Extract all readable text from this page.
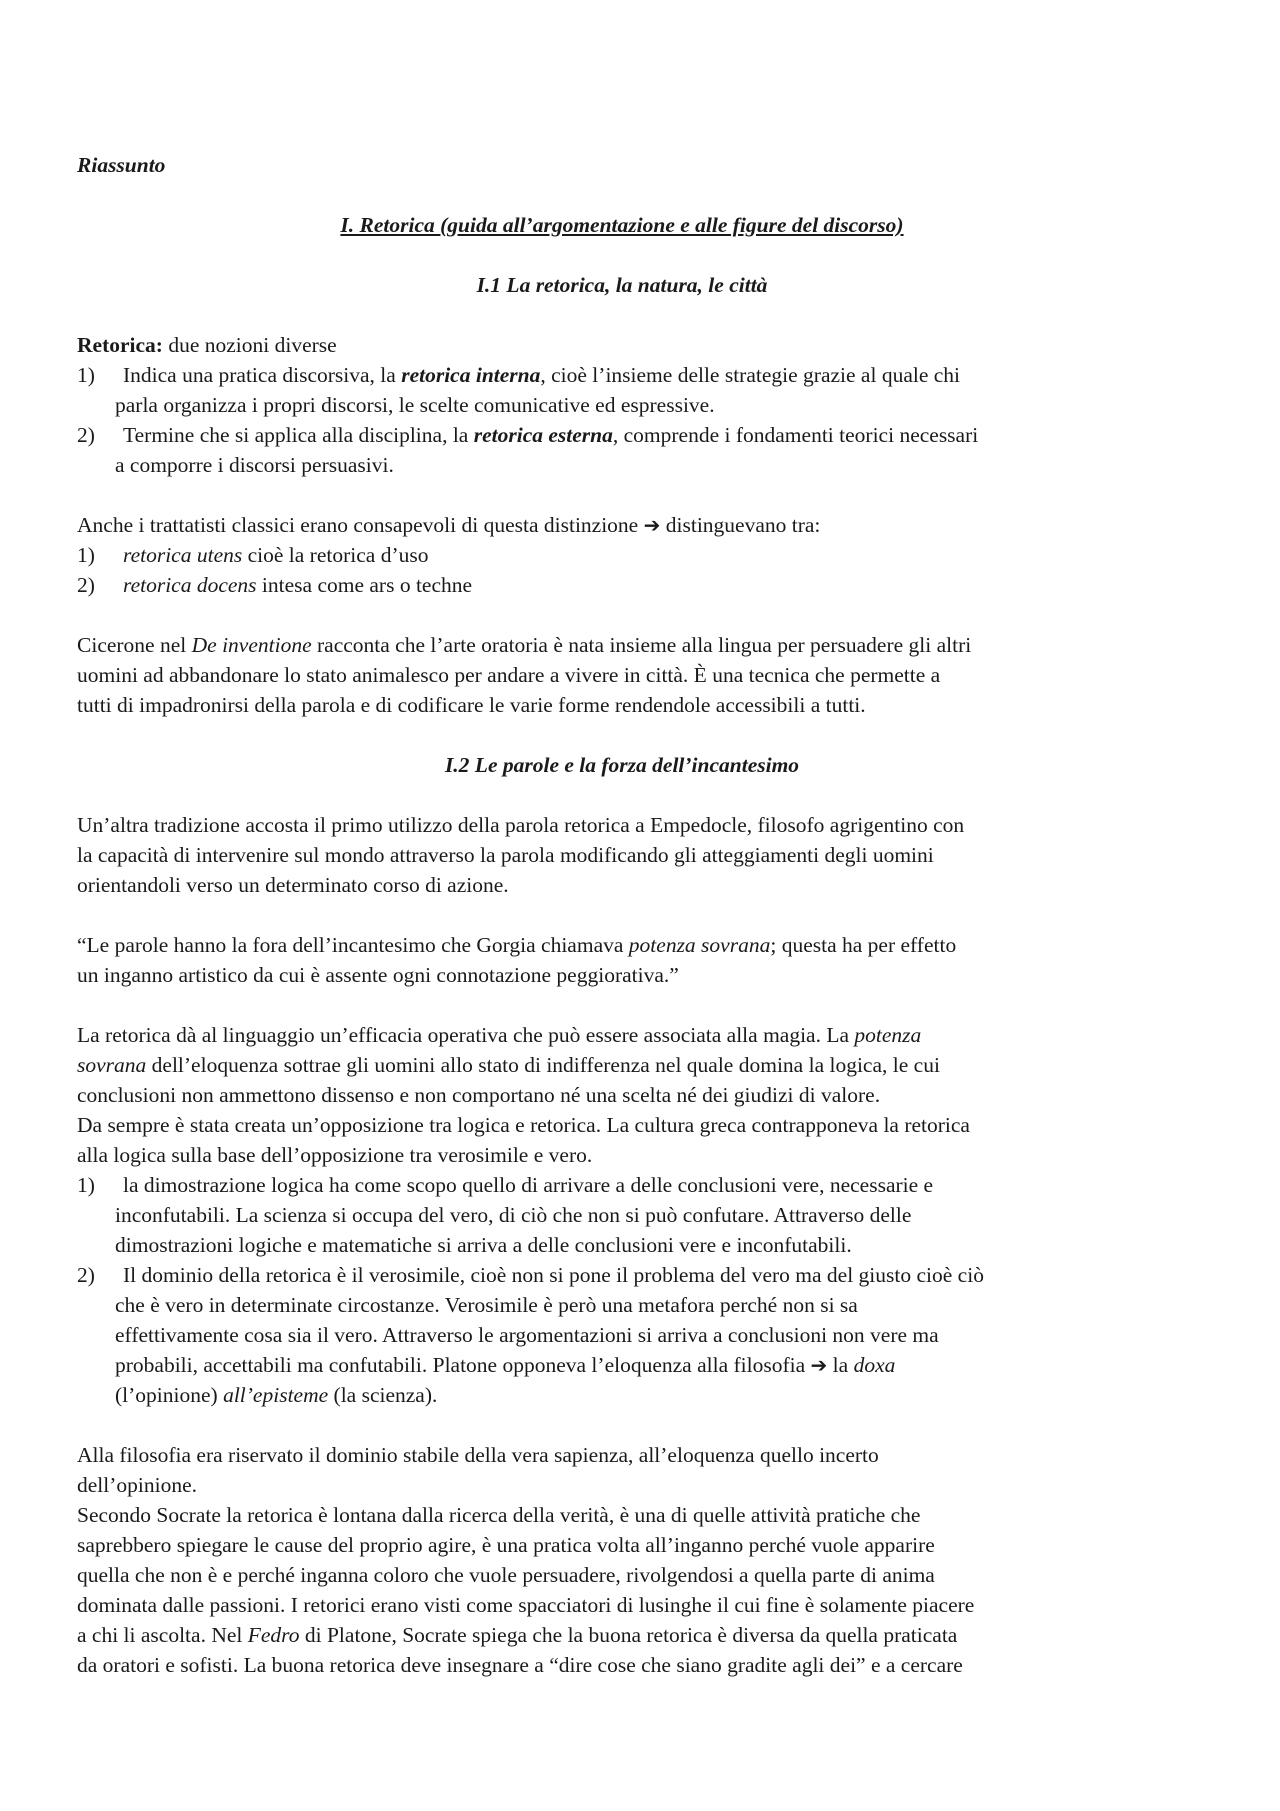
Riassunto

I. Retorica (guida all’argomentazione e alle figure del discorso)

I.1 La retorica, la natura, le città

Retorica: due nozioni diverse

1)	Indica una pratica discorsiva, la retorica interna, cioè l’insieme delle strategie grazie al quale chi
parla organizza i propri discorsi, le scelte comunicative ed espressive.
2)	Termine che si applica alla disciplina, la retorica esterna, comprende i fondamenti teorici necessari
a comporre i discorsi persuasivi.

Anche i trattatisti classici erano consapevoli di questa distinzione ➔ distinguevano tra:

1)	retorica utens cioè la retorica d’uso
2)	retorica docens intesa come ars o techne

Cicerone nel De inventione racconta che l’arte oratoria è nata insieme alla lingua per persuadere gli altri

uomini ad abbandonare lo stato animalesco per andare a vivere in città. È una tecnica che permette a

tutti di impadronirsi della parola e di codificare le varie forme rendendole accessibili a tutti.

I.2 Le parole e la forza dell’incantesimo

Un’altra tradizione accosta il primo utilizzo della parola retorica a Empedocle, filosofo agrigentino con

la capacità di intervenire sul mondo attraverso la parola modificando gli atteggiamenti degli uomini

orientandoli verso un determinato corso di azione.

“Le parole hanno la fora dell’incantesimo che Gorgia chiamava potenza sovrana; questa ha per effetto

un inganno artistico da cui è assente ogni connotazione peggiorativa.”

La retorica dà al linguaggio un’efficacia operativa che può essere associata alla magia. La potenza

sovrana dell’eloquenza sottrae gli uomini allo stato di indifferenza nel quale domina la logica, le cui

conclusioni non ammettono dissenso e non comportano né una scelta né dei giudizi di valore.

Da sempre è stata creata un’opposizione tra logica e retorica. La cultura greca contrapponeva la retorica

alla logica sulla base dell’opposizione tra verosimile e vero.

1)	la dimostrazione logica ha come scopo quello di arrivare a delle conclusioni vere, necessarie e
inconfutabili. La scienza si occupa del vero, di ciò che non si può confutare. Attraverso delle
dimostrazioni logiche e matematiche si arriva a delle conclusioni vere e inconfutabili.
2)	Il dominio della retorica è il verosimile, cioè non si pone il problema del vero ma del giusto cioè ciò
che è vero in determinate circostanze. Verosimile è però una metafora perché non si sa
effettivamente cosa sia il vero. Attraverso le argomentazioni si arriva a conclusioni non vere ma
probabili, accettabili ma confutabili. Platone opponeva l’eloquenza alla filosofia ➔ la doxa
(l’opinione) all’episteme (la scienza).

Alla filosofia era riservato il dominio stabile della vera sapienza, all’eloquenza quello incerto

dell’opinione.

Secondo Socrate la retorica è lontana dalla ricerca della verità, è una di quelle attività pratiche che

saprebbero spiegare le cause del proprio agire, è una pratica volta all’inganno perché vuole apparire

quella che non è e perché inganna coloro che vuole persuadere, rivolgendosi a quella parte di anima

dominata dalle passioni. I retorici erano visti come spacciatori di lusinghe il cui fine è solamente piacere

a chi li ascolta. Nel Fedro di Platone, Socrate spiega che la buona retorica è diversa da quella praticata

da oratori e sofisti. La buona retorica deve insegnare a “dire cose che siano gradite agli dei” e a cercare
